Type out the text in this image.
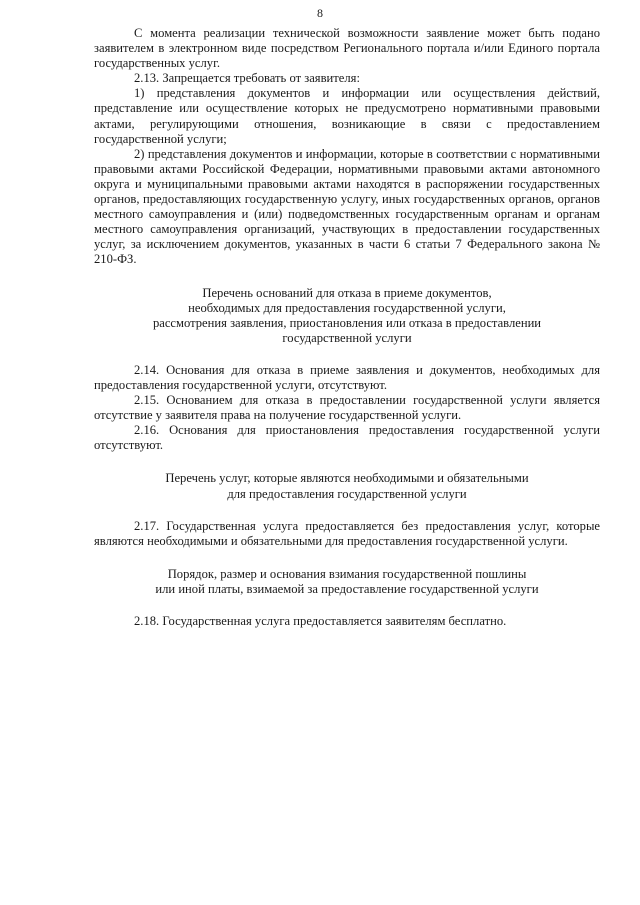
8

С момента реализации технической возможности заявление может быть подано заявителем в электронном виде посредством Регионального портала и/или Единого портала государственных услуг.

2.13. Запрещается требовать от заявителя:

1) представления документов и информации или осуществления действий, представление или осуществление которых не предусмотрено нормативными правовыми актами, регулирующими отношения, возникающие в связи с предоставлением государственной услуги;

2) представления документов и информации, которые в соответствии с нормативными правовыми актами Российской Федерации, нормативными правовыми актами автономного округа и муниципальными правовыми актами находятся в распоряжении государственных органов, предоставляющих государственную услугу, иных государственных органов, органов местного самоуправления и (или) подведомственных государственным органам и органам местного самоуправления организаций, участвующих в предоставлении государственных услуг, за исключением документов, указанных в части 6 статьи 7 Федерального закона № 210-ФЗ.

Перечень оснований для отказа в приеме документов,

необходимых для предоставления государственной услуги,

рассмотрения заявления, приостановления или отказа в предоставлении

государственной услуги

2.14. Основания для отказа в приеме заявления и документов, необходимых для предоставления государственной услуги, отсутствуют.

2.15. Основанием для отказа в предоставлении государственной услуги является отсутствие у заявителя права на получение государственной услуги.

2.16. Основания для приостановления предоставления государственной услуги отсутствуют.

Перечень услуг, которые являются необходимыми и обязательными

для предоставления государственной услуги

2.17. Государственная услуга предоставляется без предоставления услуг, которые являются необходимыми и обязательными для предоставления государственной услуги.

Порядок, размер и основания взимания государственной пошлины

или иной платы, взимаемой за предоставление государственной услуги

2.18. Государственная услуга предоставляется заявителям бесплатно.
